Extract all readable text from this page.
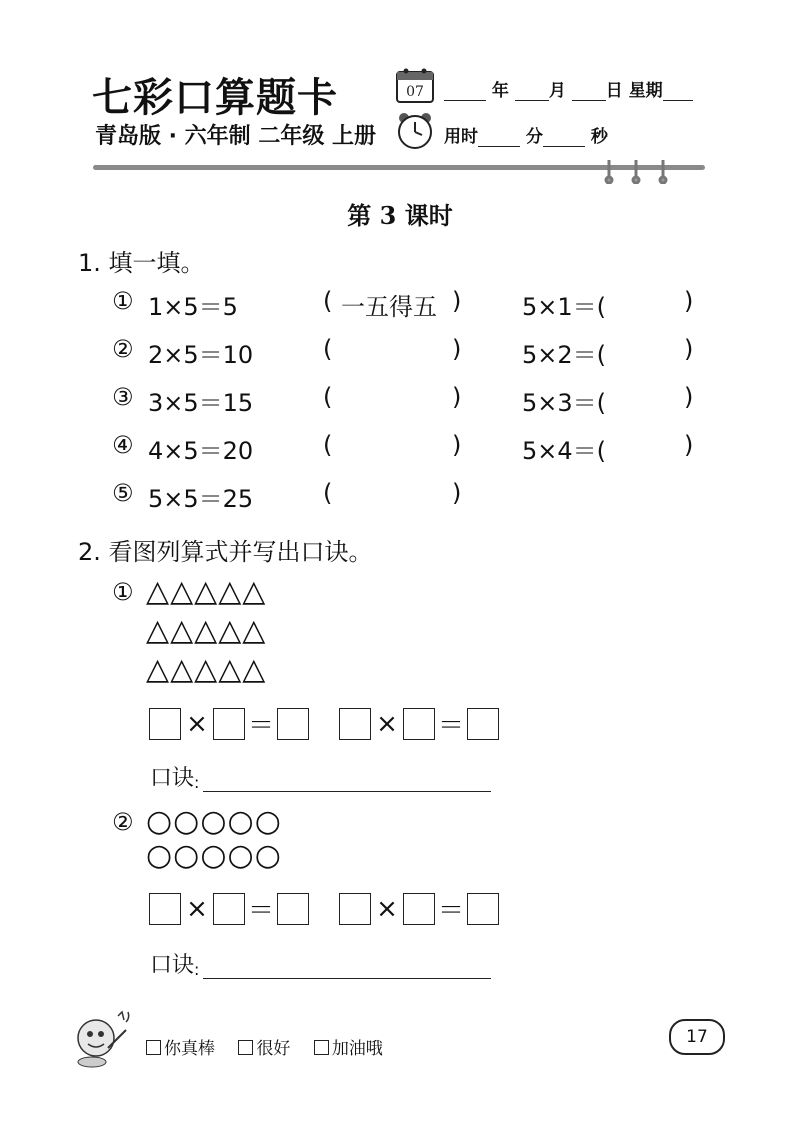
七彩口算题卡
青岛版 · 六年制 二年级 上册
07	年 月 日 星期
用时	分	秒
第 3 课时
1. 填一填。
① 1×5＝5	( 一五得五 )	5×1＝(	)
② 2×5＝10	(	)	5×2＝(	)
③ 3×5＝15	(	)	5×3＝(	)
④ 4×5＝20	(	)	5×4＝(	)
⑤ 5×5＝25	(	)
2. 看图列算式并写出口诀。
① △△△△△
△△△△△
△△△△△
× ＝	× ＝
口诀 :
② ○○○○○
○○○○○
× ＝	× ＝
口诀 :
你真棒 很好 加油哦
17
